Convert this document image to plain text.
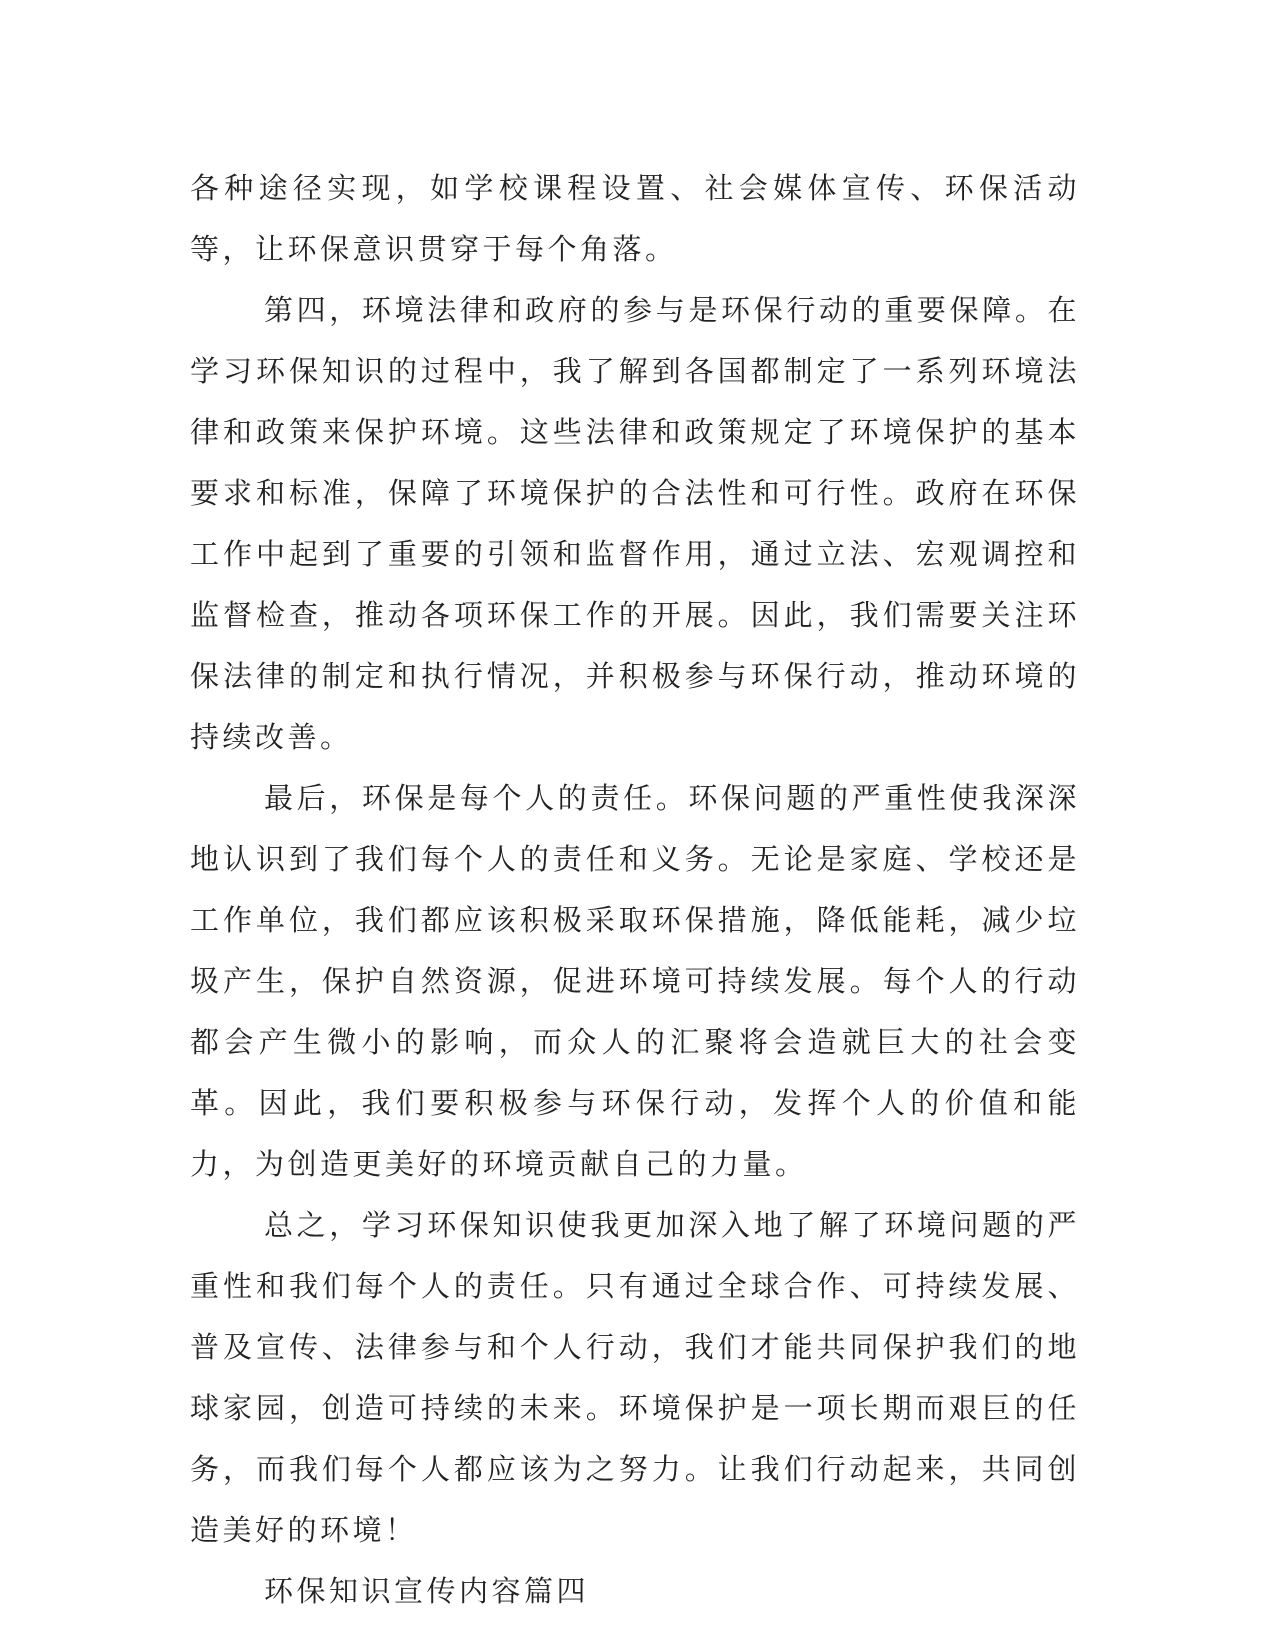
各种途径实现，如学校课程设置、社会媒体宣传、环保活动等，让环保意识贯穿于每个角落。

第四，环境法律和政府的参与是环保行动的重要保障。在学习环保知识的过程中，我了解到各国都制定了一系列环境法律和政策来保护环境。这些法律和政策规定了环境保护的基本要求和标准，保障了环境保护的合法性和可行性。政府在环保工作中起到了重要的引领和监督作用，通过立法、宏观调控和监督检查，推动各项环保工作的开展。因此，我们需要关注环保法律的制定和执行情况，并积极参与环保行动，推动环境的持续改善。

最后，环保是每个人的责任。环保问题的严重性使我深深地认识到了我们每个人的责任和义务。无论是家庭、学校还是工作单位，我们都应该积极采取环保措施，降低能耗，减少垃圾产生，保护自然资源，促进环境可持续发展。每个人的行动都会产生微小的影响，而众人的汇聚将会造就巨大的社会变革。因此，我们要积极参与环保行动，发挥个人的价值和能力，为创造更美好的环境贡献自己的力量。

总之，学习环保知识使我更加深入地了解了环境问题的严重性和我们每个人的责任。只有通过全球合作、可持续发展、普及宣传、法律参与和个人行动，我们才能共同保护我们的地球家园，创造可持续的未来。环境保护是一项长期而艰巨的任务，而我们每个人都应该为之努力。让我们行动起来，共同创造美好的环境！

环保知识宣传内容篇四
